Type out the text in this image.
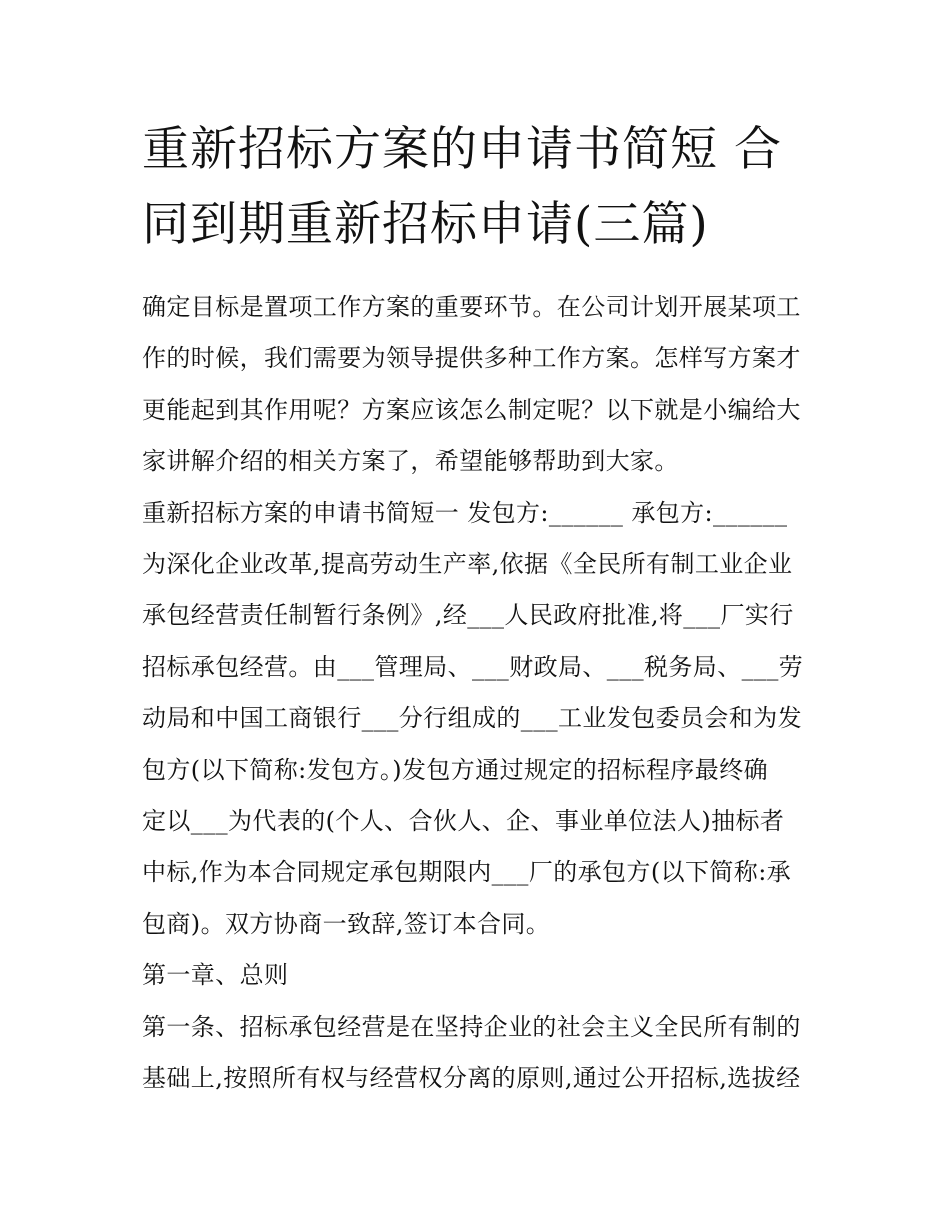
重新招标方案的申请书简短 合
同到期重新招标申请(三篇)
确定目标是置项工作方案的重要环节。在公司计划开展某项工
作的时候，我们需要为领导提供多种工作方案。怎样写方案才
更能起到其作用呢？方案应该怎么制定呢？以下就是小编给大
家讲解介绍的相关方案了，希望能够帮助到大家。
重新招标方案的申请书简短一 发包方:______ 承包方:______
为深化企业改革,提高劳动生产率,依据《全民所有制工业企业
承包经营责任制暂行条例》,经___人民政府批准,将___厂实行
招标承包经营。由___管理局、___财政局、___税务局、___劳
动局和中国工商银行___分行组成的___工业发包委员会和为发
包方(以下简称:发包方。)发包方通过规定的招标程序最终确
定以___为代表的(个人、合伙人、企、事业单位法人)抽标者
中标,作为本合同规定承包期限内___厂的承包方(以下简称:承
包商)。双方协商一致辞,签订本合同。
第一章、总则
第一条、招标承包经营是在坚持企业的社会主义全民所有制的
基础上,按照所有权与经营权分离的原则,通过公开招标,选拔经
